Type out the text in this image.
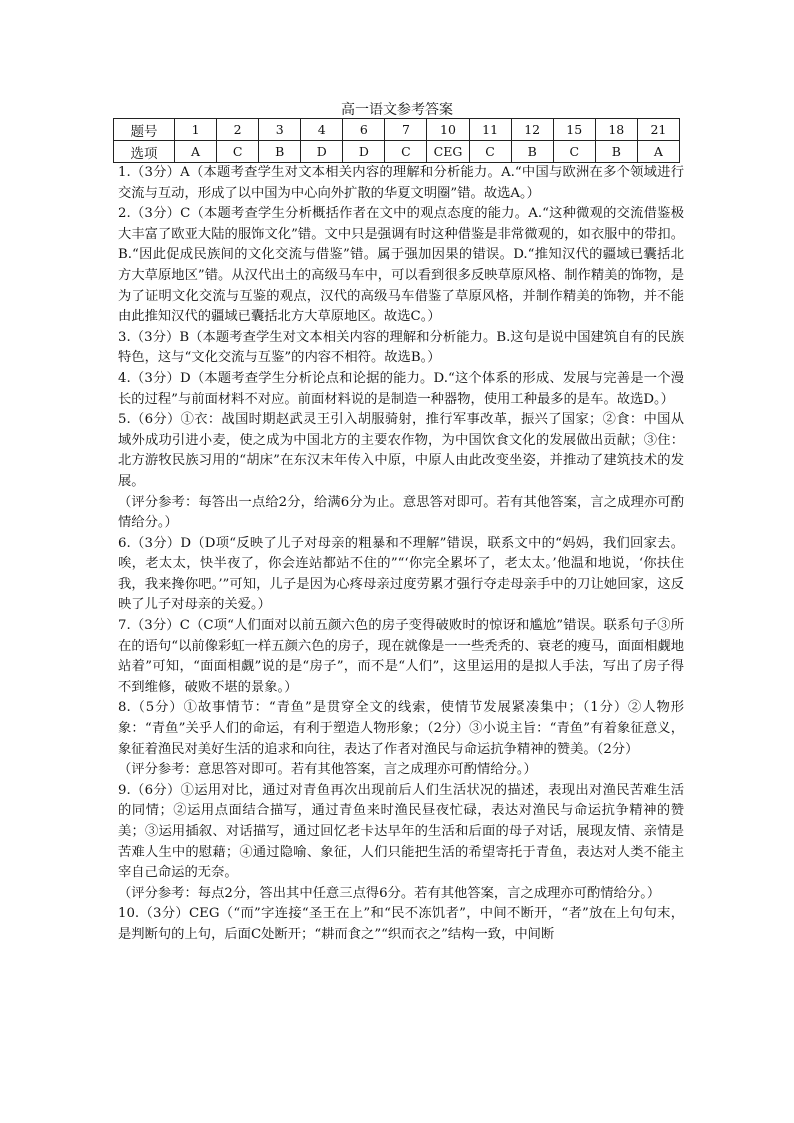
高一语文参考答案
题号	1	2	3	4	6	7	10	11	12	15	18	21
选项	A	C	B	D	D	C	CEG	C	B	C	B	A

1.（3分）A（本题考查学生对文本相关内容的理解和分析能力。A.“中国与欧洲在多个领域进行交流与互动，形成了以中国为中心向外扩散的华夏文明圈”错。故选A。）

2.（3分）C（本题考查学生分析概括作者在文中的观点态度的能力。A.“这种微观的交流借鉴极大丰富了欧亚大陆的服饰文化”错。文中只是强调有时这种借鉴是非常微观的，如衣服中的带扣。B.“因此促成民族间的文化交流与借鉴”错。属于强加因果的错误。D.“推知汉代的疆域已囊括北方大草原地区”错。从汉代出土的高级马车中，可以看到很多反映草原风格、制作精美的饰物，是为了证明文化交流与互鉴的观点，汉代的高级马车借鉴了草原风格，并制作精美的饰物，并不能由此推知汉代的疆域已囊括北方大草原地区。故选C。）

3.（3分）B（本题考查学生对文本相关内容的理解和分析能力。B.这句是说中国建筑自有的民族特色，这与“文化交流与互鉴”的内容不相符。故选B。）

4.（3分）D（本题考查学生分析论点和论据的能力。D.“这个体系的形成、发展与完善是一个漫长的过程”与前面材料不对应。前面材料说的是制造一种器物，使用工种最多的是车。故选D。）

5.（6分）①衣：战国时期赵武灵王引入胡服骑射，推行军事改革，振兴了国家；②食：中国从域外成功引进小麦，使之成为中国北方的主要农作物，为中国饮食文化的发展做出贡献；③住：北方游牧民族习用的“胡床”在东汉末年传入中原，中原人由此改变坐姿，并推动了建筑技术的发展。

（评分参考：每答出一点给2分，给满6分为止。意思答对即可。若有其他答案，言之成理亦可酌情给分。）

6.（3分）D（D项“反映了儿子对母亲的粗暴和不理解”错误，联系文中的“妈妈，我们回家去。唉，老太太，快半夜了，你会连站都站不住的”“‘你完全累坏了，老太太。’他温和地说，‘你扶住我，我来搀你吧。’”可知，儿子是因为心疼母亲过度劳累才强行夺走母亲手中的刀让她回家，这反映了儿子对母亲的关爱。）

7.（3分）C（C项“人们面对以前五颜六色的房子变得破败时的惊讶和尴尬”错误。联系句子③所在的语句“以前像彩虹一样五颜六色的房子，现在就像是一一些秃秃的、衰老的瘦马，面面相觑地站着”可知，“面面相觑”说的是“房子”，而不是“人们”，这里运用的是拟人手法，写出了房子得不到维修，破败不堪的景象。）

8.（5分）①故事情节：“青鱼”是贯穿全文的线索，使情节发展紧凑集中；（1分）②人物形象：“青鱼”关乎人们的命运，有利于塑造人物形象；（2分）③小说主旨：“青鱼”有着象征意义，象征着渔民对美好生活的追求和向往，表达了作者对渔民与命运抗争精神的赞美。（2分）

（评分参考：意思答对即可。若有其他答案，言之成理亦可酌情给分。）

9.（6分）①运用对比，通过对青鱼再次出现前后人们生活状况的描述，表现出对渔民苦难生活的同情；②运用点面结合描写，通过青鱼来时渔民昼夜忙碌，表达对渔民与命运抗争精神的赞美；③运用插叙、对话描写，通过回忆老卡达早年的生活和后面的母子对话，展现友情、亲情是苦难人生中的慰藉；④通过隐喻、象征，人们只能把生活的希望寄托于青鱼，表达对人类不能主宰自己命运的无奈。

（评分参考：每点2分，答出其中任意三点得6分。若有其他答案，言之成理亦可酌情给分。）

10.（3分）CEG（“而”字连接“圣王在上”和“民不冻饥者”，中间不断开，“者”放在上句句末，是判断句的上句，后面C处断开；“耕而食之”“织而衣之”结构一致，中间断
